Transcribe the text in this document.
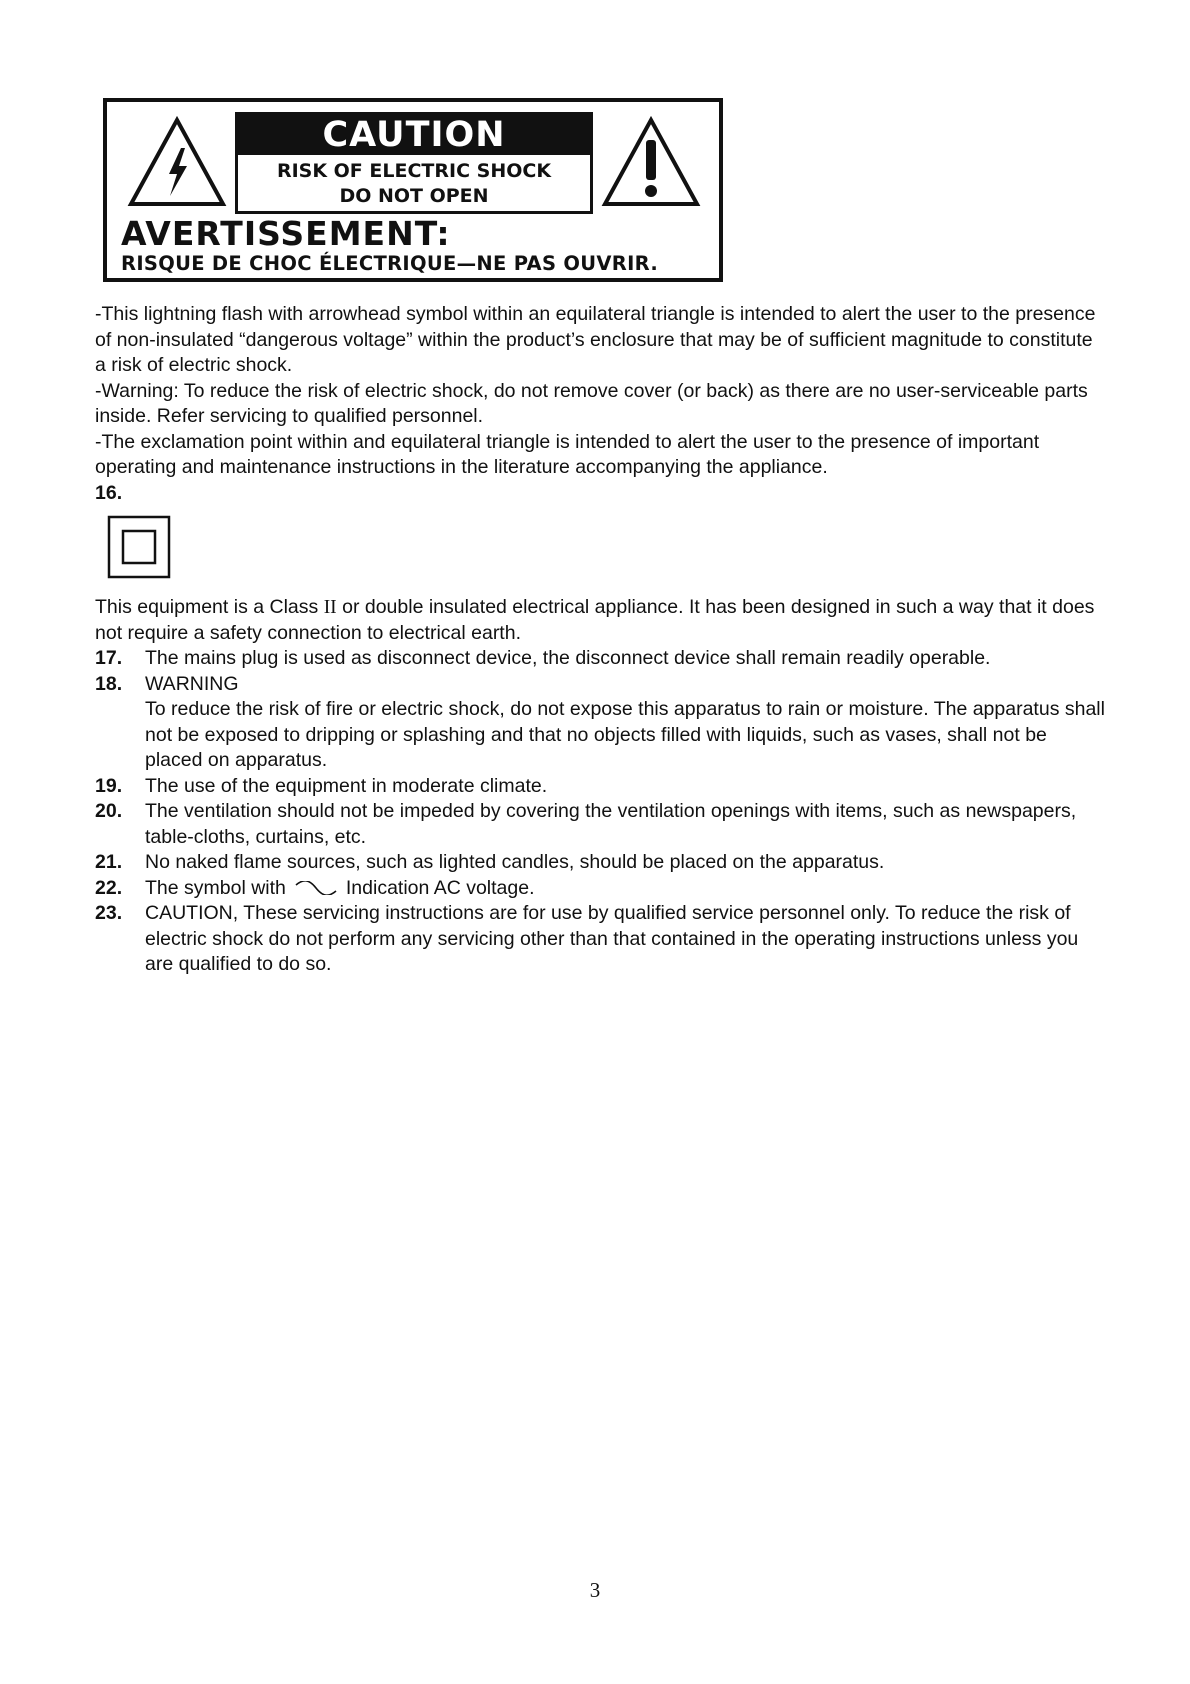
CAUTION
RISK OF ELECTRIC SHOCK
DO NOT OPEN
AVERTISSEMENT:
RISQUE DE CHOC ÉLECTRIQUE—NE PAS OUVRIR.

-This lightning flash with arrowhead symbol within an equilateral triangle is intended to alert the user to the presence of non-insulated “dangerous voltage” within the product’s enclosure that may be of sufficient magnitude to constitute a risk of electric shock.

-Warning: To reduce the risk of electric shock, do not remove cover (or back) as there are no user-serviceable parts inside. Refer servicing to qualified personnel.

-The exclamation point within and equilateral triangle is intended to alert the user to the presence of important operating and maintenance instructions in the literature accompanying the appliance.

16.

This equipment is a Class II or double insulated electrical appliance. It has been designed in such a way that it does not require a safety connection to electrical earth.

17. The mains plug is used as disconnect device, the disconnect device shall remain readily operable.

18. WARNING

To reduce the risk of fire or electric shock, do not expose this apparatus to rain or moisture. The apparatus shall not be exposed to dripping or splashing and that no objects filled with liquids, such as vases, shall not be placed on apparatus.

19. The use of the equipment in moderate climate.

20. The ventilation should not be impeded by covering the ventilation openings with items, such as newspapers, table-cloths, curtains, etc.

21. No naked flame sources, such as lighted candles, should be placed on the apparatus.

22. The symbol with	Indication AC voltage.

23. CAUTION, These servicing instructions are for use by qualified service personnel only. To reduce the risk of electric shock do not perform any servicing other than that contained in the operating instructions unless you are qualified to do so.

3
